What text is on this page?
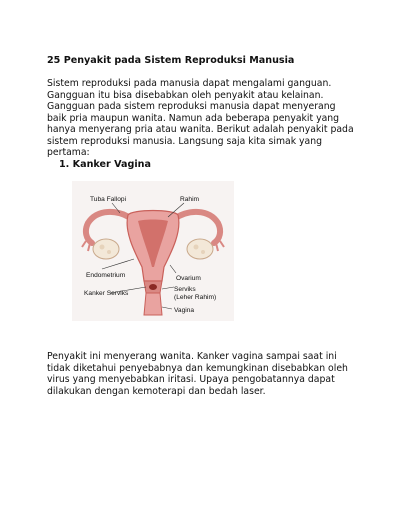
25 Penyakit pada Sistem Reproduksi Manusia

Sistem reproduksi pada manusia dapat mengalami ganguan.
Gangguan itu bisa disebabkan oleh penyakit atau kelainan.
Gangguan pada sistem reproduksi manusia dapat menyerang
baik pria maupun wanita. Namun ada beberapa penyakit yang
hanya menyerang pria atau wanita. Berikut adalah penyakit pada
sistem reproduksi manusia. Langsung saja kita simak yang
pertama:

1. Kanker Vagina
Tuba Fallopi	Rahim
Endometrium	Ovarium
Kanker Serviks
Serviks
(Leher Rahim)
Vagina

Penyakit ini menyerang wanita. Kanker vagina sampai saat ini
tidak diketahui penyebabnya dan kemungkinan disebabkan oleh
virus yang menyebabkan iritasi. Upaya pengobatannya dapat
dilakukan dengan kemoterapi dan bedah laser.
